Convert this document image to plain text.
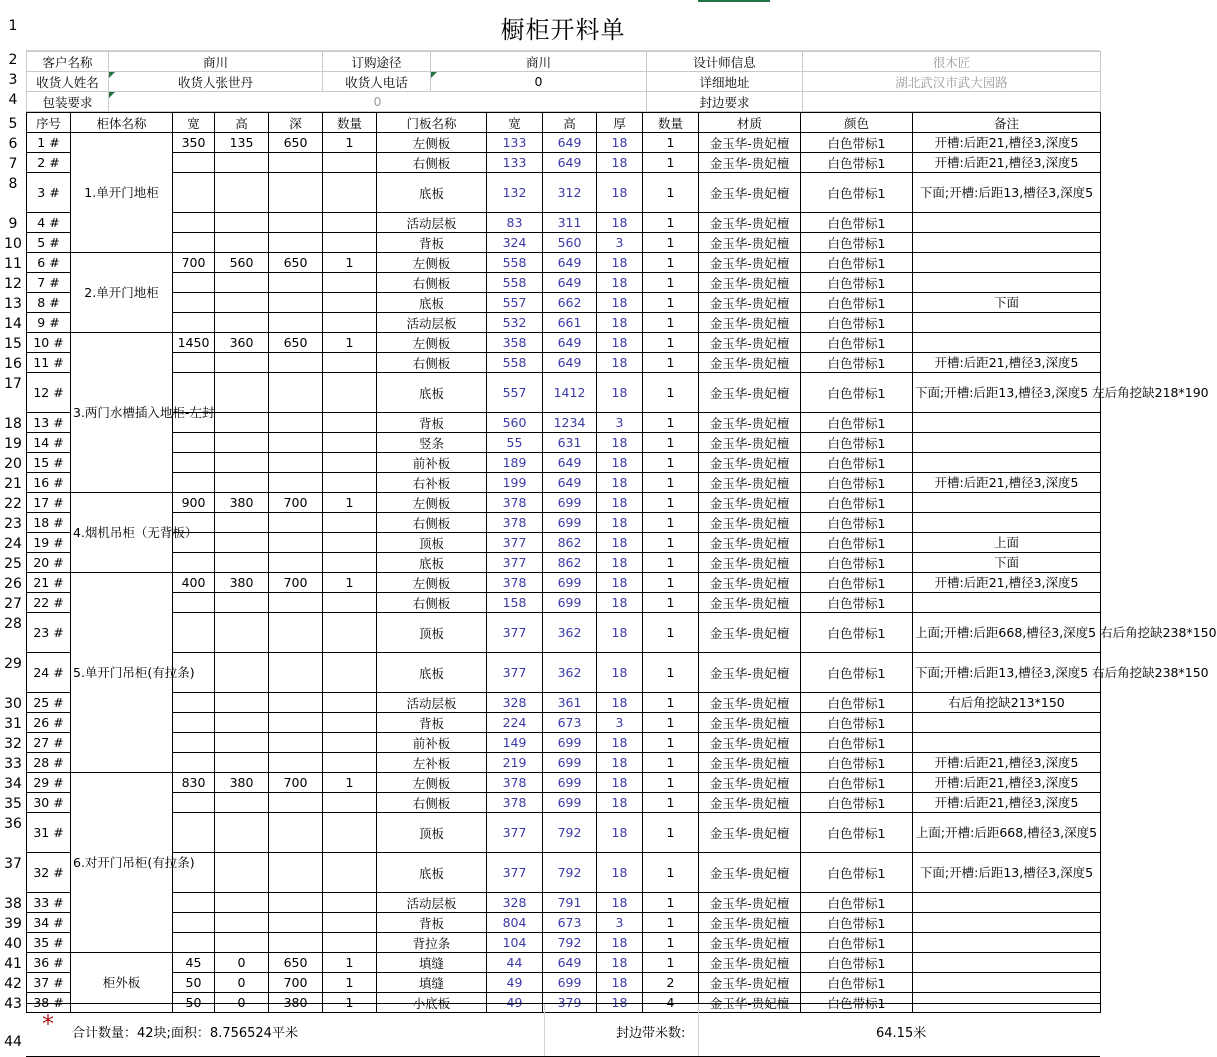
1
2
3
4
5
6
7
8
9
10
11
12
13
14
15
16
17
18
19
20
21
22
23
24
25
26
27
28
29
30
31
32
33
34
35
36
37
38
39
40
41
42
43
44
橱柜开料单
客户名称	商川	订购途径	商川	设计师信息	很木匠
收货人姓名	收货人张世丹	收货人电话	0	详细地址	湖北武汉市武大园路
包装要求	0			封边要求	
序号	柜体名称	宽	高	深	数量	门板名称	宽	高	厚	数量	材质	颜色	备注
1 #	1.单开门地柜	350	135	650	1	左侧板	133	649	18	1	金玉华-贵妃檀	白色带标1	开槽:后距21,槽径3,深度5
2 #						右侧板	133	649	18	1	金玉华-贵妃檀	白色带标1	开槽:后距21,槽径3,深度5
3 #						底板	132	312	18	1	金玉华-贵妃檀	白色带标1	下面;开槽:后距13,槽径3,深度5
4 #						活动层板	83	311	18	1	金玉华-贵妃檀	白色带标1	
5 #						背板	324	560	3	1	金玉华-贵妃檀	白色带标1	
6 #	2.单开门地柜	700	560	650	1	左侧板	558	649	18	1	金玉华-贵妃檀	白色带标1	
7 #						右侧板	558	649	18	1	金玉华-贵妃檀	白色带标1	
8 #						底板	557	662	18	1	金玉华-贵妃檀	白色带标1	下面
9 #						活动层板	532	661	18	1	金玉华-贵妃檀	白色带标1	
10 #	3.两门水槽插入地柜-左封	1450	360	650	1	左侧板	358	649	18	1	金玉华-贵妃檀	白色带标1	
11 #						右侧板	558	649	18	1	金玉华-贵妃檀	白色带标1	开槽:后距21,槽径3,深度5
12 #						底板	557	1412	18	1	金玉华-贵妃檀	白色带标1	下面;开槽:后距13,槽径3,深度5 左后角挖缺218*190
13 #						背板	560	1234	3	1	金玉华-贵妃檀	白色带标1	
14 #						竖条	55	631	18	1	金玉华-贵妃檀	白色带标1	
15 #						前补板	189	649	18	1	金玉华-贵妃檀	白色带标1	
16 #						右补板	199	649	18	1	金玉华-贵妃檀	白色带标1	开槽:后距21,槽径3,深度5
17 #	4.烟机吊柜（无背板）	900	380	700	1	左侧板	378	699	18	1	金玉华-贵妃檀	白色带标1	
18 #						右侧板	378	699	18	1	金玉华-贵妃檀	白色带标1	
19 #						顶板	377	862	18	1	金玉华-贵妃檀	白色带标1	上面
20 #						底板	377	862	18	1	金玉华-贵妃檀	白色带标1	下面
21 #	5.单开门吊柜(有拉条)	400	380	700	1	左侧板	378	699	18	1	金玉华-贵妃檀	白色带标1	开槽:后距21,槽径3,深度5
22 #						右侧板	158	699	18	1	金玉华-贵妃檀	白色带标1	
23 #						顶板	377	362	18	1	金玉华-贵妃檀	白色带标1	上面;开槽:后距668,槽径3,深度5 右后角挖缺238*150
24 #						底板	377	362	18	1	金玉华-贵妃檀	白色带标1	下面;开槽:后距13,槽径3,深度5 右后角挖缺238*150
25 #						活动层板	328	361	18	1	金玉华-贵妃檀	白色带标1	右后角挖缺213*150
26 #						背板	224	673	3	1	金玉华-贵妃檀	白色带标1	
27 #						前补板	149	699	18	1	金玉华-贵妃檀	白色带标1	
28 #						左补板	219	699	18	1	金玉华-贵妃檀	白色带标1	开槽:后距21,槽径3,深度5
29 #	6.对开门吊柜(有拉条)	830	380	700	1	左侧板	378	699	18	1	金玉华-贵妃檀	白色带标1	开槽:后距21,槽径3,深度5
30 #						右侧板	378	699	18	1	金玉华-贵妃檀	白色带标1	开槽:后距21,槽径3,深度5
31 #						顶板	377	792	18	1	金玉华-贵妃檀	白色带标1	上面;开槽:后距668,槽径3,深度5
32 #						底板	377	792	18	1	金玉华-贵妃檀	白色带标1	下面;开槽:后距13,槽径3,深度5
33 #						活动层板	328	791	18	1	金玉华-贵妃檀	白色带标1	
34 #						背板	804	673	3	1	金玉华-贵妃檀	白色带标1	
35 #						背拉条	104	792	18	1	金玉华-贵妃檀	白色带标1	
36 #	柜外板	45	0	650	1	填缝	44	649	18	1	金玉华-贵妃檀	白色带标1	
37 #		50	0	700	1	填缝	49	699	18	2	金玉华-贵妃檀	白色带标1	
38 #		50	0	380	1	小底板	49	379	18	4	金玉华-贵妃檀	白色带标1	
* 合计数量：42块;面积：8.756524平米	封边带米数:	64.15米
